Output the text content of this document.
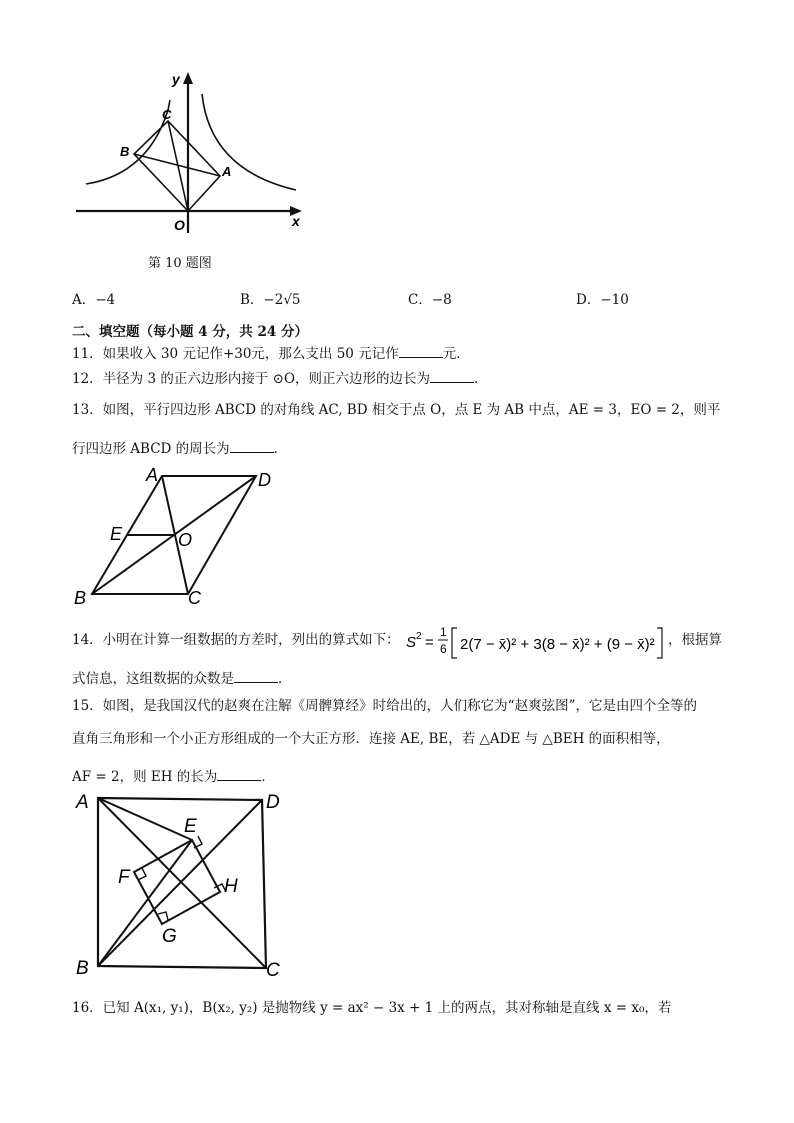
y
x
O
A
B
C
第 10 题图
A．−4	B．−2√5	C．−8	D．−10
二、填空题（每小题 4 分，共 24 分）
11．如果收入 30 元记作+30元，那么支出 50 元记作	元．
12．半径为 3 的正六边形内接于 ⊙O，则正六边形的边长为	.
13．如图，平行四边形 ABCD 的对角线 AC, BD 相交于点 O，点 E 为 AB 中点，AE = 3，EO = 2，则平
行四边形 ABCD 的周长为	．
A	D
E	O
B	C
14．小明在计算一组数据的方差时，列出的算式如下： S 2 =
1
6 2(7 − x̄)² + 3(8 − x̄)² + (9 − x̄)² ，根据算
式信息，这组数据的众数是	．
15．如图，是我国汉代的赵爽在注解《周髀算经》时给出的，人们称它为“赵爽弦图”，它是由四个全等的
直角三角形和一个小正方形组成的一个大正方形．连接 AE, BE，若 △ADE 与 △BEH 的面积相等，
AF = 2，则 EH 的长为	．
A	D
E
F	H
G
B	C
16．已知 A(x₁, y₁)，B(x₂, y₂) 是抛物线 y = ax² − 3x + 1 上的两点，其对称轴是直线 x = x₀，若
